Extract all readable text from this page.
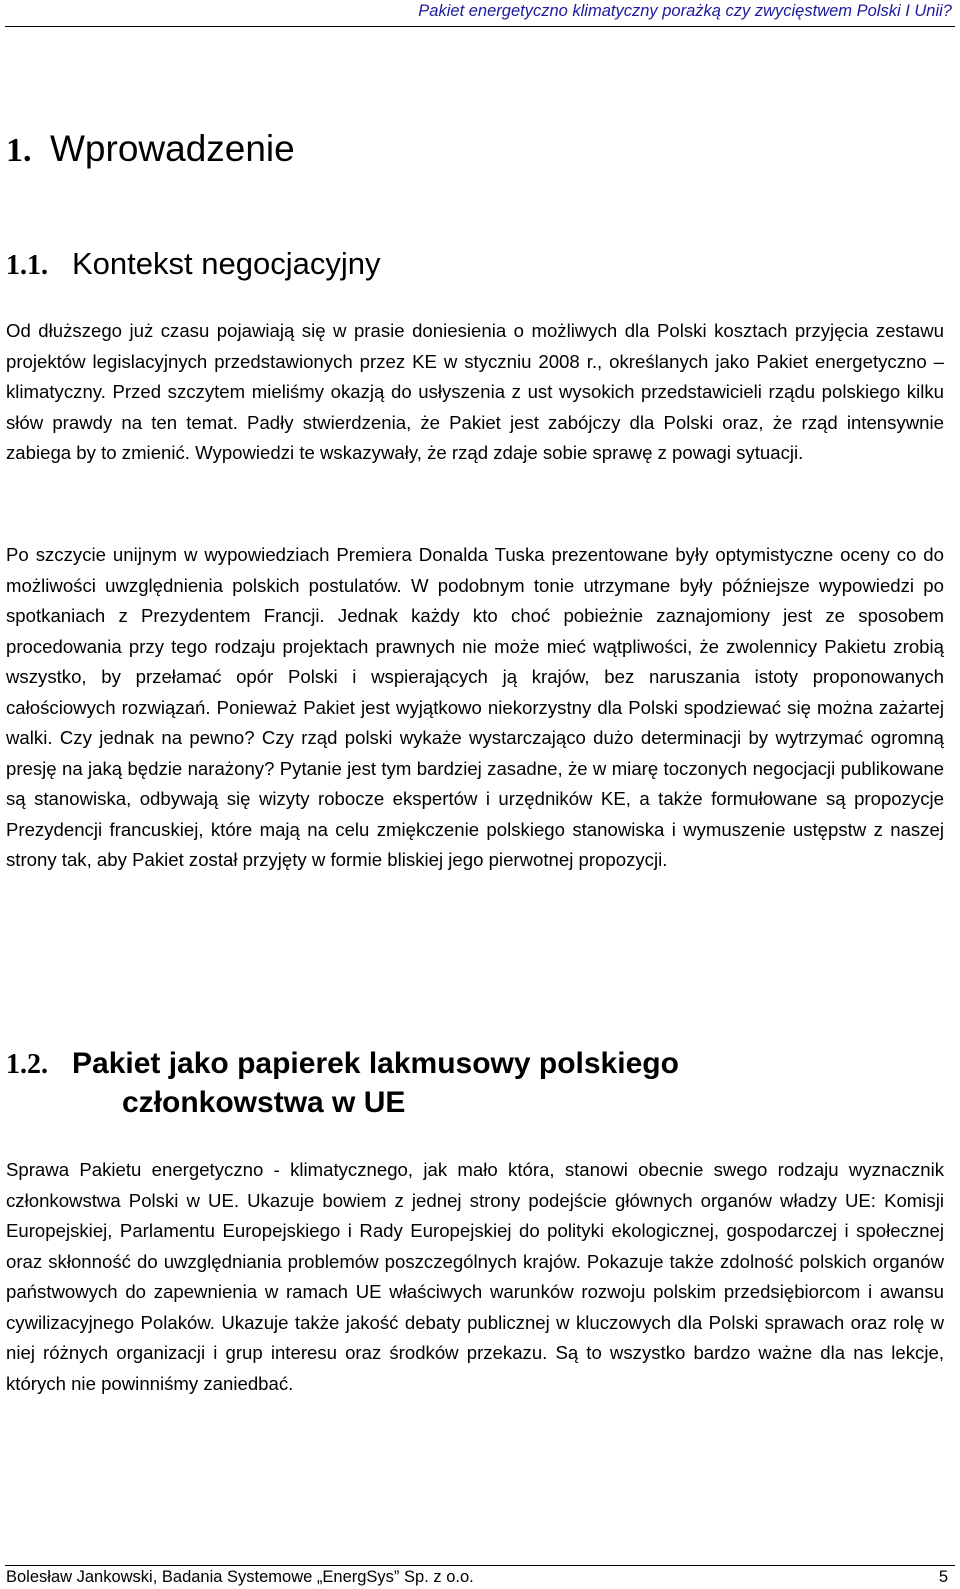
Pakiet energetyczno klimatyczny porażką czy zwycięstwem Polski I Unii?
1. Wprowadzenie
1.1. Kontekst negocjacyjny

Od dłuższego już czasu pojawiają się w prasie doniesienia o możliwych dla Polski kosztach przyjęcia zestawu projektów legislacyjnych przedstawionych przez KE w styczniu 2008 r., określanych jako Pakiet energetyczno – klimatyczny. Przed szczytem mieliśmy okazją do usłyszenia z ust wysokich przedstawicieli rządu polskiego kilku słów prawdy na ten temat. Padły stwierdzenia, że Pakiet jest zabójczy dla Polski oraz, że rząd intensywnie zabiega by to zmienić. Wypowiedzi te wskazywały, że rząd zdaje sobie sprawę z powagi sytuacji.

Po szczycie unijnym w wypowiedziach Premiera Donalda Tuska prezentowane były optymistyczne oceny co do możliwości uwzględnienia polskich postulatów. W podobnym tonie utrzymane były późniejsze wypowiedzi po spotkaniach z Prezydentem Francji. Jednak każdy kto choć pobieżnie zaznajomiony jest ze sposobem procedowania przy tego rodzaju projektach prawnych nie może mieć wątpliwości, że zwolennicy Pakietu zrobią wszystko, by przełamać opór Polski i wspierających ją krajów, bez naruszania istoty proponowanych całościowych rozwiązań. Ponieważ Pakiet jest wyjątkowo niekorzystny dla Polski spodziewać się można zażartej walki. Czy jednak na pewno? Czy rząd polski wykaże wystarczająco dużo determinacji by wytrzymać ogromną presję na jaką będzie narażony? Pytanie jest tym bardziej zasadne, że w miarę toczonych negocjacji publikowane są stanowiska, odbywają się wizyty robocze ekspertów i urzędników KE, a także formułowane są propozycje Prezydencji francuskiej, które mają na celu zmiękczenie polskiego stanowiska i wymuszenie ustępstw z naszej strony tak, aby Pakiet został przyjęty w formie bliskiej jego pierwotnej propozycji.

1.2. Pakiet jako papierek lakmusowy polskiego
członkowstwa w UE

Sprawa Pakietu energetyczno - klimatycznego, jak mało która, stanowi obecnie swego rodzaju wyznacznik członkowstwa Polski w UE. Ukazuje bowiem z jednej strony podejście głównych organów władzy UE: Komisji Europejskiej, Parlamentu Europejskiego i Rady Europejskiej do polityki ekologicznej, gospodarczej i społecznej oraz skłonność do uwzględniania problemów poszczególnych krajów. Pokazuje także zdolność polskich organów państwowych do zapewnienia w ramach UE właściwych warunków rozwoju polskim przedsiębiorcom i awansu cywilizacyjnego Polaków. Ukazuje także jakość debaty publicznej w kluczowych dla Polski sprawach oraz rolę w niej różnych organizacji i grup interesu oraz środków przekazu. Są to wszystko bardzo ważne dla nas lekcje, których nie powinniśmy zaniedbać.

Bolesław Jankowski, Badania Systemowe „EnergSys” Sp. z o.o.	5
